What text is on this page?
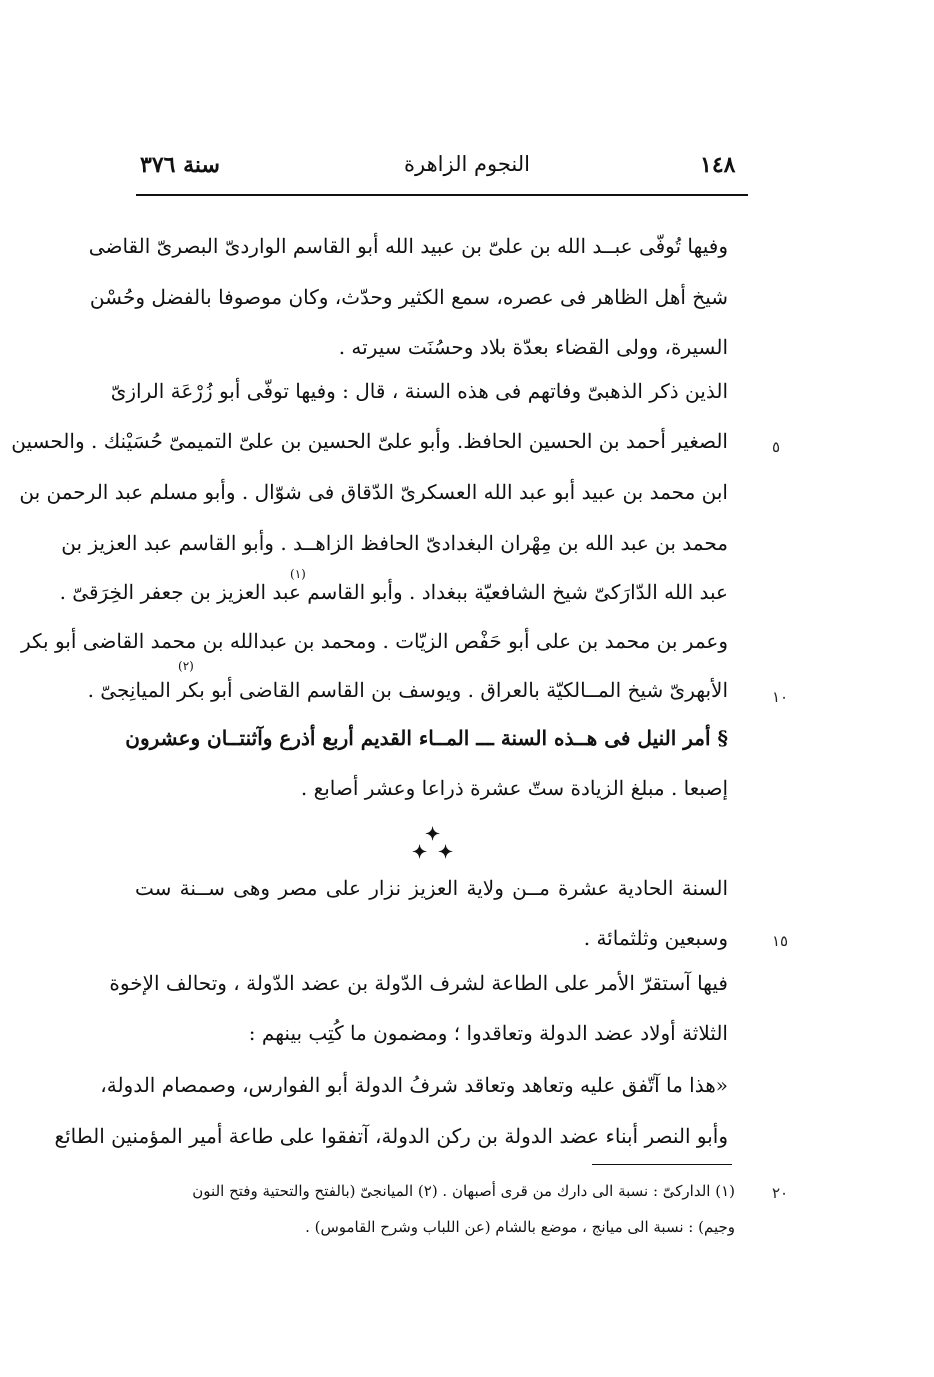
سنة ٣٧٦	النجوم الزاهرة	١٤٨
وفيها تُوفّى عبــد الله بن علىّ بن عبيد الله أبو القاسم الواردىّ البصرىّ القاضى
شيخ أهل الظاهر فى عصره، سمع الكثير وحدّث، وكان موصوفا بالفضل وحُسْن
السيرة، وولى القضاء بعدّة بلاد وحسُنَت سيرته .
الذين ذكر الذهبىّ وفاتهم فى هذه السنة ، قال : وفيها توفّى أبو زُرْعَة الرازىّ
الصغير أحمد بن الحسين الحافظ. وأبو علىّ الحسين بن علىّ التميمىّ حُسَيْنك . والحسين
ابن محمد بن عبيد أبو عبد الله العسكرىّ الدّقاق فى شوّال . وأبو مسلم عبد الرحمن بن
محمد بن عبد الله بن مِهْران البغدادىّ الحافظ الزاهــد . وأبو القاسم عبد العزيز بن
عبد الله الدّارَكىّ شيخ الشافعيّة ببغداد . وأبو القاسم عبد العزيز بن جعفر الخِرَقىّ .
وعمر بن محمد بن على أبو حَفْص الزيّات . ومحمد بن عبدالله بن محمد القاضى أبو بكر
الأبهرىّ شيخ المــالكيّة بالعراق . ويوسف بن القاسم القاضى أبو بكر الميانِجىّ .
§ أمر النيل فى هــذه السنة ـــ المــاء القديم أربع أذرع وآثنتــان وعشرون
إصبعا . مبلغ الزيادة ستّ عشرة ذراعا وعشر أصابع .
✦
✦ ✦
السنة الحادية عشرة مــن ولاية العزيز نزار على مصر وهى ســنة ست
وسبعين وثلثمائة .
فيها آستقرّ الأمر على الطاعة لشرف الدّولة بن عضد الدّولة ، وتحالف الإخوة
الثلاثة أولاد عضد الدولة وتعاقدوا ؛ ومضمون ما كُتِب بينهم :
«هذا ما آتّفق عليه وتعاهد وتعاقد شرفُ الدولة أبو الفوارس، وصمصام الدولة،
وأبو النصر أبناء عضد الدولة بن ركن الدولة، آتفقوا على طاعة أمير المؤمنين الطائع
(١)
(٢)
٥
١٠
١٥
٢٠
(١) الداركىّ : نسبة الى دارك من قرى أصبهان . (٢) الميانجىّ (بالفتح والتحتية وفتح النون
وجيم) : نسبة الى ميانج ، موضع بالشام (عن اللباب وشرح القاموس) .
